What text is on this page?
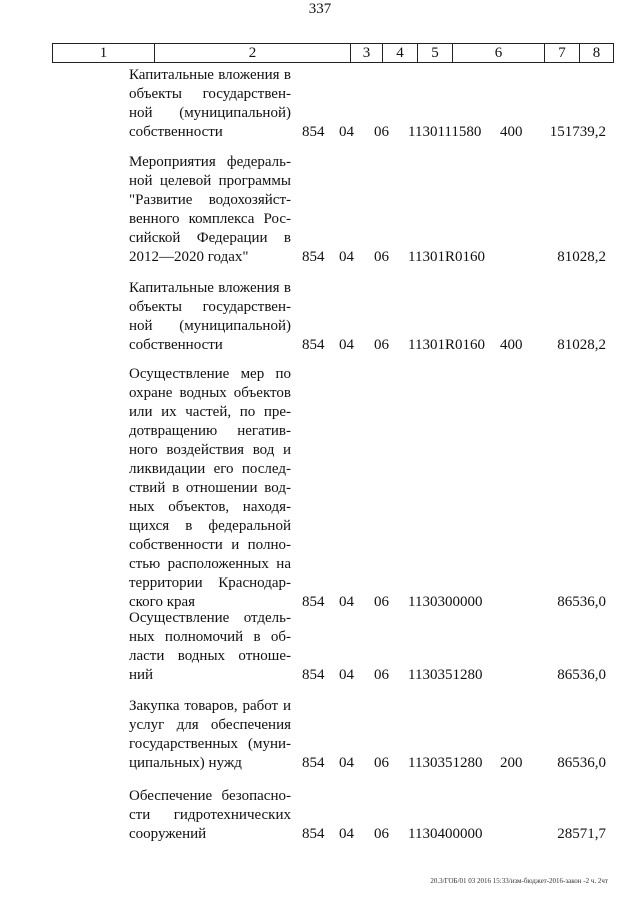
337
1	2	3	4	5	6	7	8
Капитальные вложения в
объекты государствен-
ной (муниципальной)
собственности	854 04 06 1130111580 400 151739,2
Мероприятия федераль-
ной целевой программы
"Развитие водохозяйст-
венного комплекса Рос-
сийской Федерации в
2012—2020 годах"	854 04 06 11301R0160	81028,2
Капитальные вложения в
объекты государствен-
ной (муниципальной)
собственности	854 04 06 11301R0160 400 81028,2
Осуществление мер по
охране водных объектов
или их частей, по пре-
дотвращению негатив-
ного воздействия вод и
ликвидации его послед-
ствий в отношении вод-
ных объектов, находя-
щихся в федеральной
собственности и полно-
стью расположенных на
территории Краснодар-
ского края	854 04 06 1130300000	86536,0
Осуществление отдель-
ных полномочий в об-
ласти водных отноше-
ний	854 04 06 1130351280	86536,0
Закупка товаров, работ и
услуг для обеспечения
государственных (муни-
ципальных) нужд	854 04 06 1130351280 200 86536,0
Обеспечение безопасно-
сти гидротехнических
сооружений	854 04 06 1130400000	28571,7
20.3/ГОБ/01 03 2016 15:33/изм-бюджет-2016-закон -2 ч. 2чт
